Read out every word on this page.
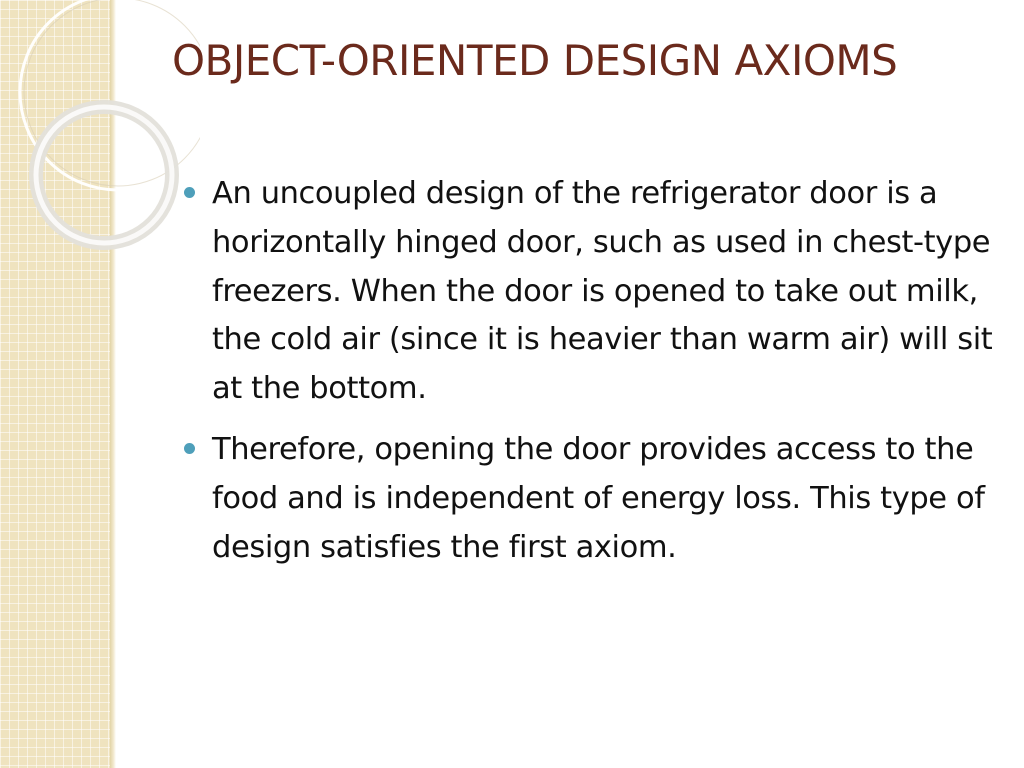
OBJECT-ORIENTED DESIGN AXIOMS
An uncoupled design of the refrigerator door is a horizontally hinged door, such as used in chest-type freezers. When the door is opened to take out milk, the cold air (since it is heavier than warm air) will sit at the bottom.
Therefore, opening the door provides access to the food and is independent of energy loss. This type of design satisfies the first axiom.
